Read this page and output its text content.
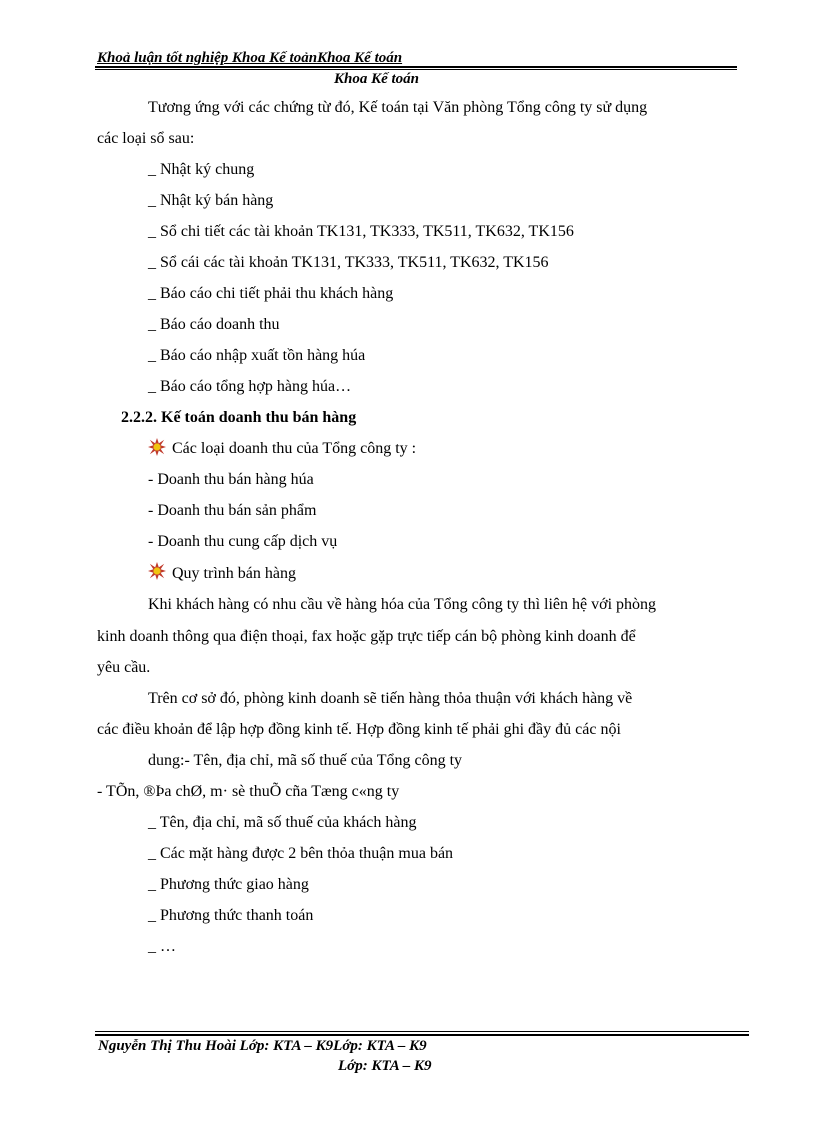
Khoả luận tốt nghiệp Khoa Kế toảnKhoa Kế toán
Khoa Kế toán
Tương ứng với các chứng từ đó, Kế toán tại Văn phòng Tổng công ty sử dụng
các loại sổ sau:
_ Nhật ký chung
_ Nhật ký bán hàng
_ Sổ chi tiết các tài khoản TK131, TK333, TK511, TK632, TK156
_ Sổ cái các tài khoản TK131, TK333, TK511, TK632, TK156
_ Báo cáo chi tiết phải thu khách hàng
_ Báo cáo doanh thu
_ Báo cáo nhập xuất tồn hàng húa
_ Báo cáo tổng hợp hàng húa…
2.2.2. Kế toán doanh thu bán hàng
Các loại doanh thu của Tổng công ty :
- Doanh thu bán hàng húa
- Doanh thu bán sản phẩm
- Doanh thu cung cấp dịch vụ
Quy trình bán hàng
Khi khách hàng có nhu cầu về hàng hóa của Tổng công ty thì liên hệ với phòng
kinh doanh thông qua điện thoại, fax hoặc gặp trực tiếp cán bộ phòng kinh doanh để
yêu cầu.
Trên cơ sở đó, phòng kinh doanh sẽ tiến hàng thỏa thuận với khách hàng về
các điều khoản để lập hợp đồng kinh tế. Hợp đồng kinh tế phải ghi đầy đủ các nội
dung:- Tên, địa chỉ, mã số thuế của Tổng công ty
- TÕn, ®Þa chØ, m· sè thuÕ cña Tæng c«ng ty
_ Tên, địa chỉ, mã số thuế của khách hàng
_ Các mặt hàng được 2 bên thỏa thuận mua bán
_ Phương thức giao hàng
_ Phương thức thanh toán
_ …
Nguyễn Thị Thu Hoài Lớp: KTA – K9Lớp: KTA – K9
Lớp: KTA – K9
